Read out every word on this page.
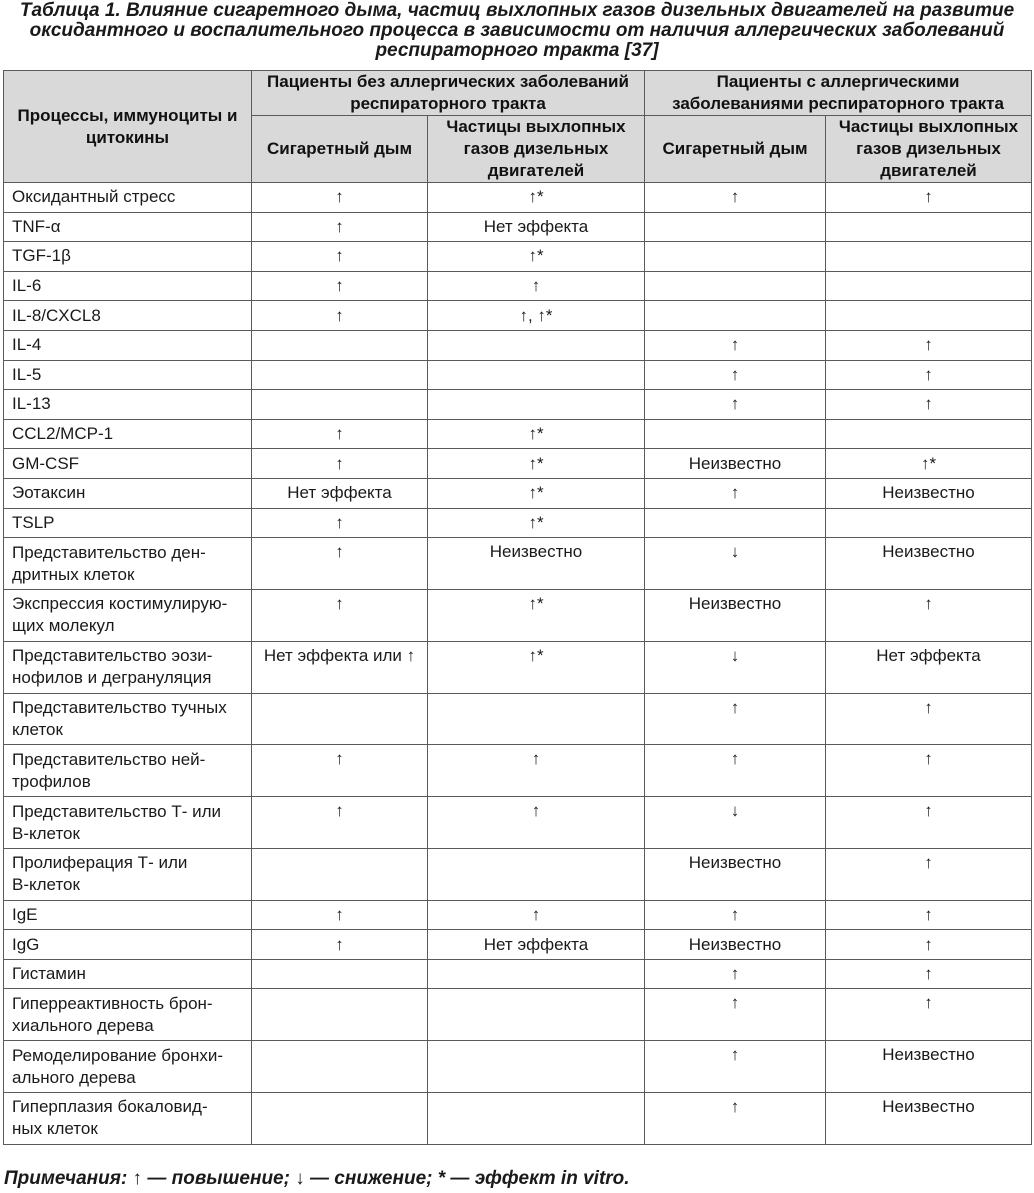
Таблица 1. Влияние сигаретного дыма, частиц выхлопных газов дизельных двигателей на развитие
оксидантного и воспалительного процесса в зависимости от наличия аллергических заболеваний
респираторного тракта [37]
Процессы, иммуноциты и цитокины	Пациенты без аллергических заболеваний респираторного тракта		Пациенты с аллергическими заболеваниями респираторного тракта	
	Сигаретный дым	Частицы выхлопных газов дизельных двигателей	Сигаретный дым	Частицы выхлопных газов дизельных двигателей
Оксидантный стресс	↑	↑*	↑	↑
TNF-α	↑	Нет эффекта		
TGF-1β	↑	↑*		
IL-6	↑	↑		
IL-8/CXCL8	↑	↑, ↑*		
IL-4			↑	↑
IL-5			↑	↑
IL-13			↑	↑
CCL2/MCP-1	↑	↑*		
GM-CSF	↑	↑*	Неизвестно	↑*
Эотаксин	Нет эффекта	↑*	↑	Неизвестно
TSLP	↑	↑*		
Представительство ден-
дритных клеток	↑	Неизвестно	↓	Неизвестно
Экспрессия костимулирую-
щих молекул	↑	↑*	Неизвестно	↑
Представительство эози-
нофилов и дегрануляция	Нет эффекта или ↑	↑*	↓	Нет эффекта
Представительство тучных
клеток			↑	↑
Представительство ней-
трофилов	↑	↑	↑	↑
Представительство Т- или
В-клеток	↑	↑	↓	↑
Пролиферация Т- или
В-клеток			Неизвестно	↑
IgE	↑	↑	↑	↑
IgG	↑	Нет эффекта	Неизвестно	↑
Гистамин			↑	↑
Гиперреактивность брон-
хиального дерева			↑	↑
Ремоделирование бронхи-
ального дерева			↑	Неизвестно
Гиперплазия бокаловид-
ных клеток			↑	Неизвестно
Примечания: ↑ — повышение; ↓ — снижение; * — эффект in vitro.
